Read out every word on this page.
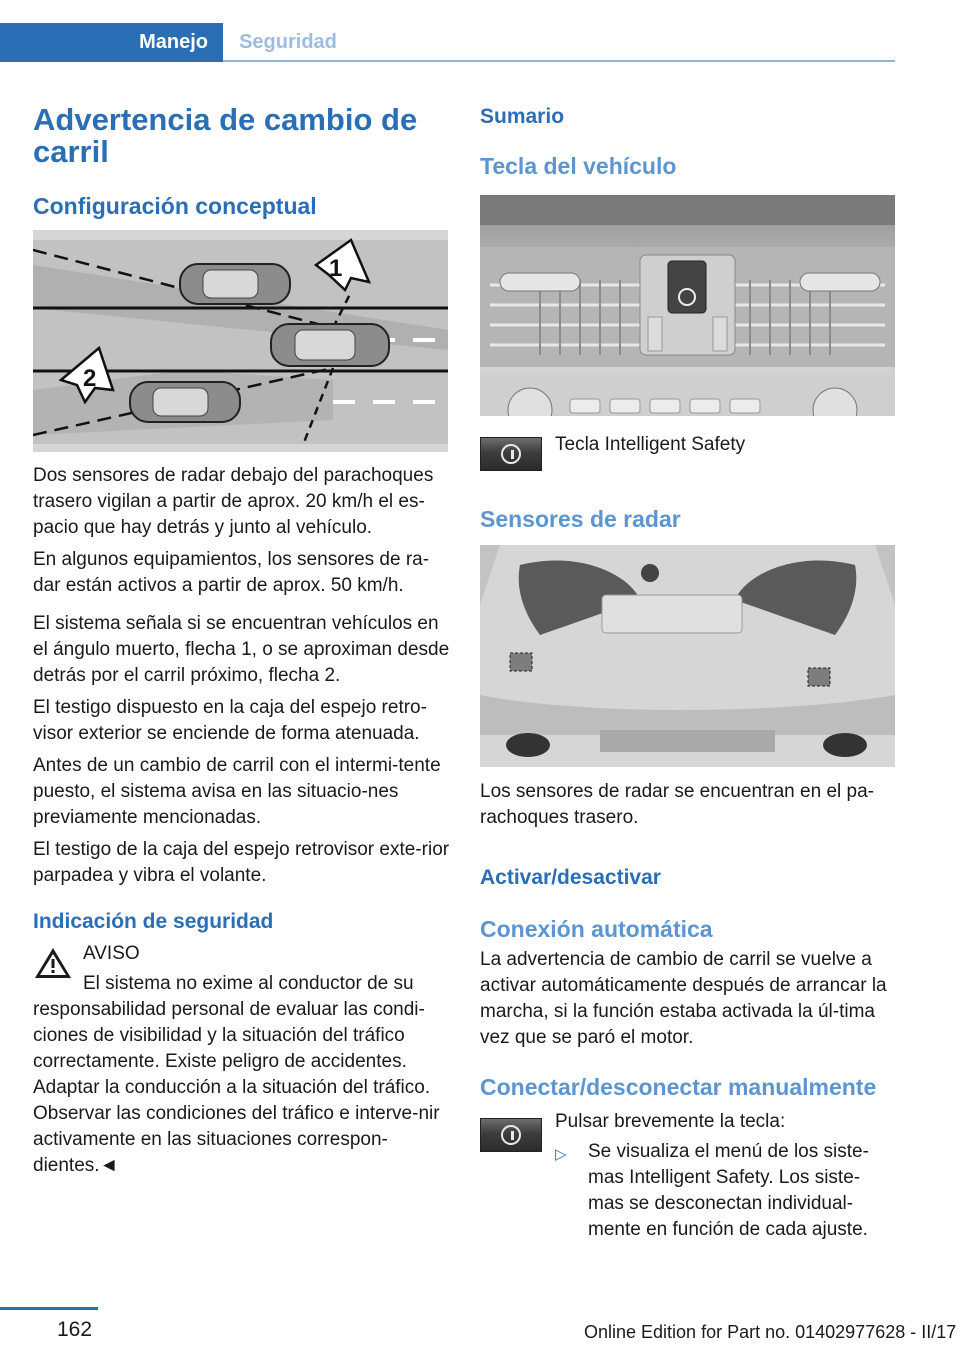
Manejo	Seguridad
Advertencia de cambio de carril
Configuración conceptual
1
2

Dos sensores de radar debajo del parachoques trasero vigilan a partir de aprox. 20 km/h el es-pacio que hay detrás y junto al vehículo.

En algunos equipamientos, los sensores de ra-dar están activos a partir de aprox. 50 km/h.

El sistema señala si se encuentran vehículos en el ángulo muerto, flecha 1, o se aproximan desde detrás por el carril próximo, flecha 2.

El testigo dispuesto en la caja del espejo retro-visor exterior se enciende de forma atenuada.

Antes de un cambio de carril con el intermi-tente puesto, el sistema avisa en las situacio-nes previamente mencionadas.

El testigo de la caja del espejo retrovisor exte-rior parpadea y vibra el volante.

Indicación de seguridad

AVISO

El sistema no exime al conductor de su responsabilidad personal de evaluar las condi-ciones de visibilidad y la situación del tráfico correctamente. Existe peligro de accidentes. Adaptar la conducción a la situación del tráfico. Observar las condiciones del tráfico e interve-nir activamente en las situaciones correspon-dientes.◄

Sumario
Tecla del vehículo

Tecla Intelligent Safety

Sensores de radar

Los sensores de radar se encuentran en el pa-rachoques trasero.

Activar/desactivar
Conexión automática

La advertencia de cambio de carril se vuelve a activar automáticamente después de arrancar la marcha, si la función estaba activada la úl-tima vez que se paró el motor.

Conectar/desconectar manualmente

Pulsar brevemente la tecla:

▷ Se visualiza el menú de los siste-mas Intelligent Safety. Los siste-mas se desconectan individual-mente en función de cada ajuste.

162	Online Edition for Part no. 01402977628 - II/17
